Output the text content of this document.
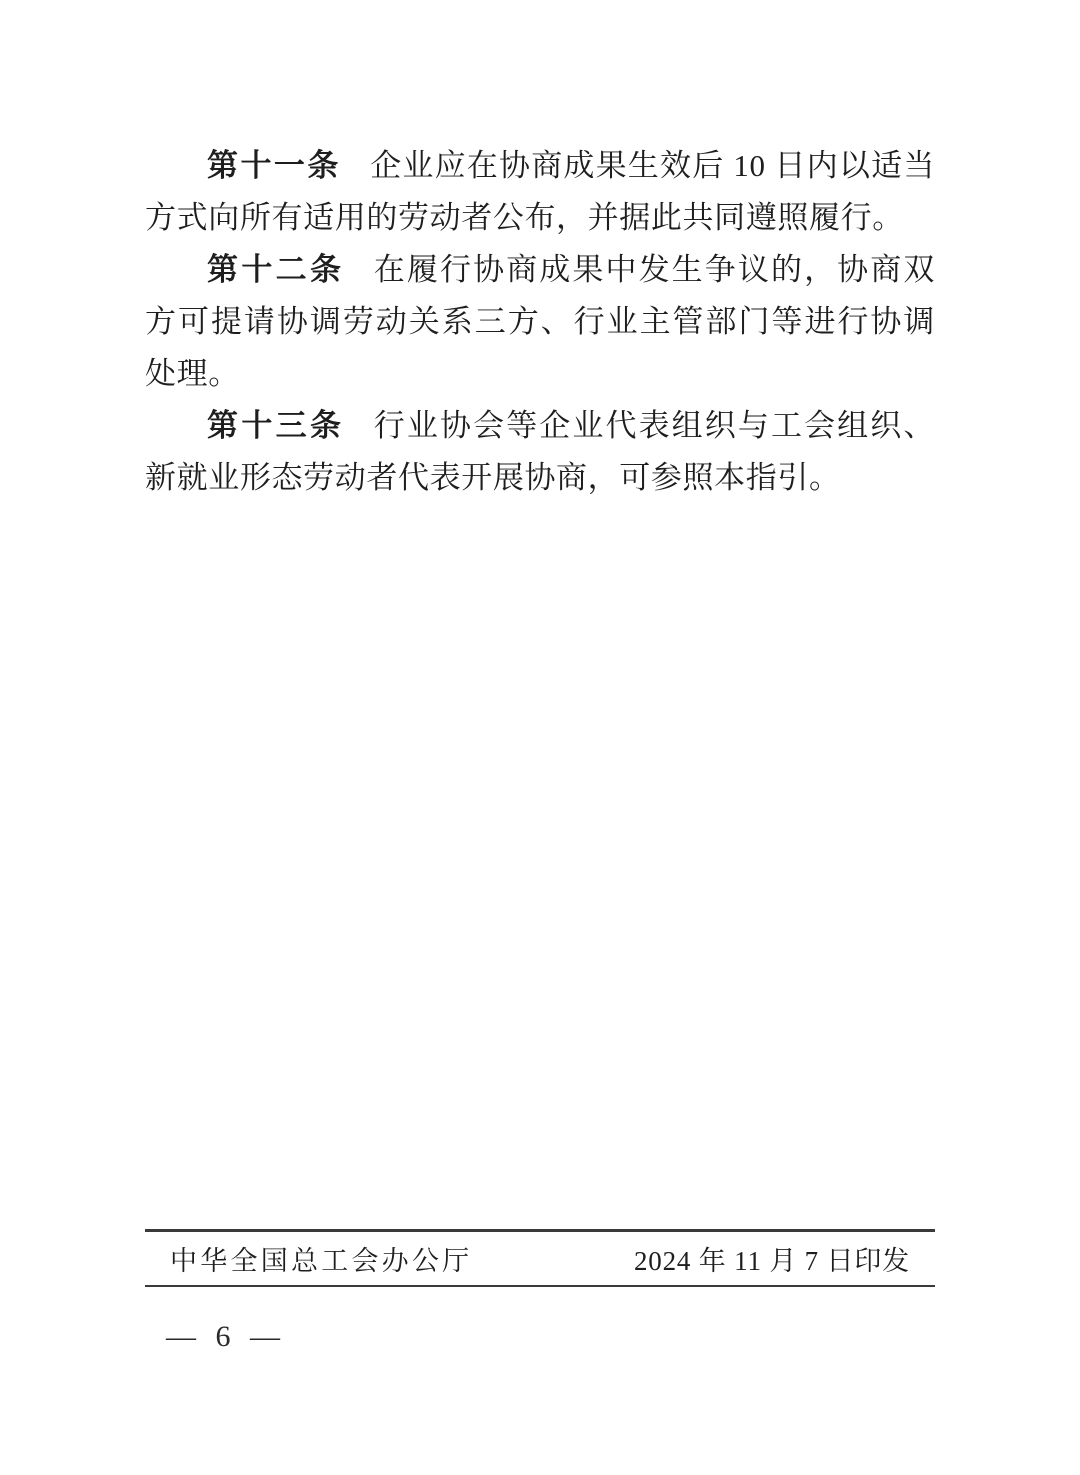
第十一条 企业应在协商成果生效后 10 日内以适当方式向所有适用的劳动者公布，并据此共同遵照履行。

第十二条 在履行协商成果中发生争议的，协商双方可提请协调劳动关系三方、行业主管部门等进行协调处理。

第十三条 行业协会等企业代表组织与工会组织、新就业形态劳动者代表开展协商，可参照本指引。

中华全国总工会办公厅	2024 年 11 月 7 日印发
— 6 —
